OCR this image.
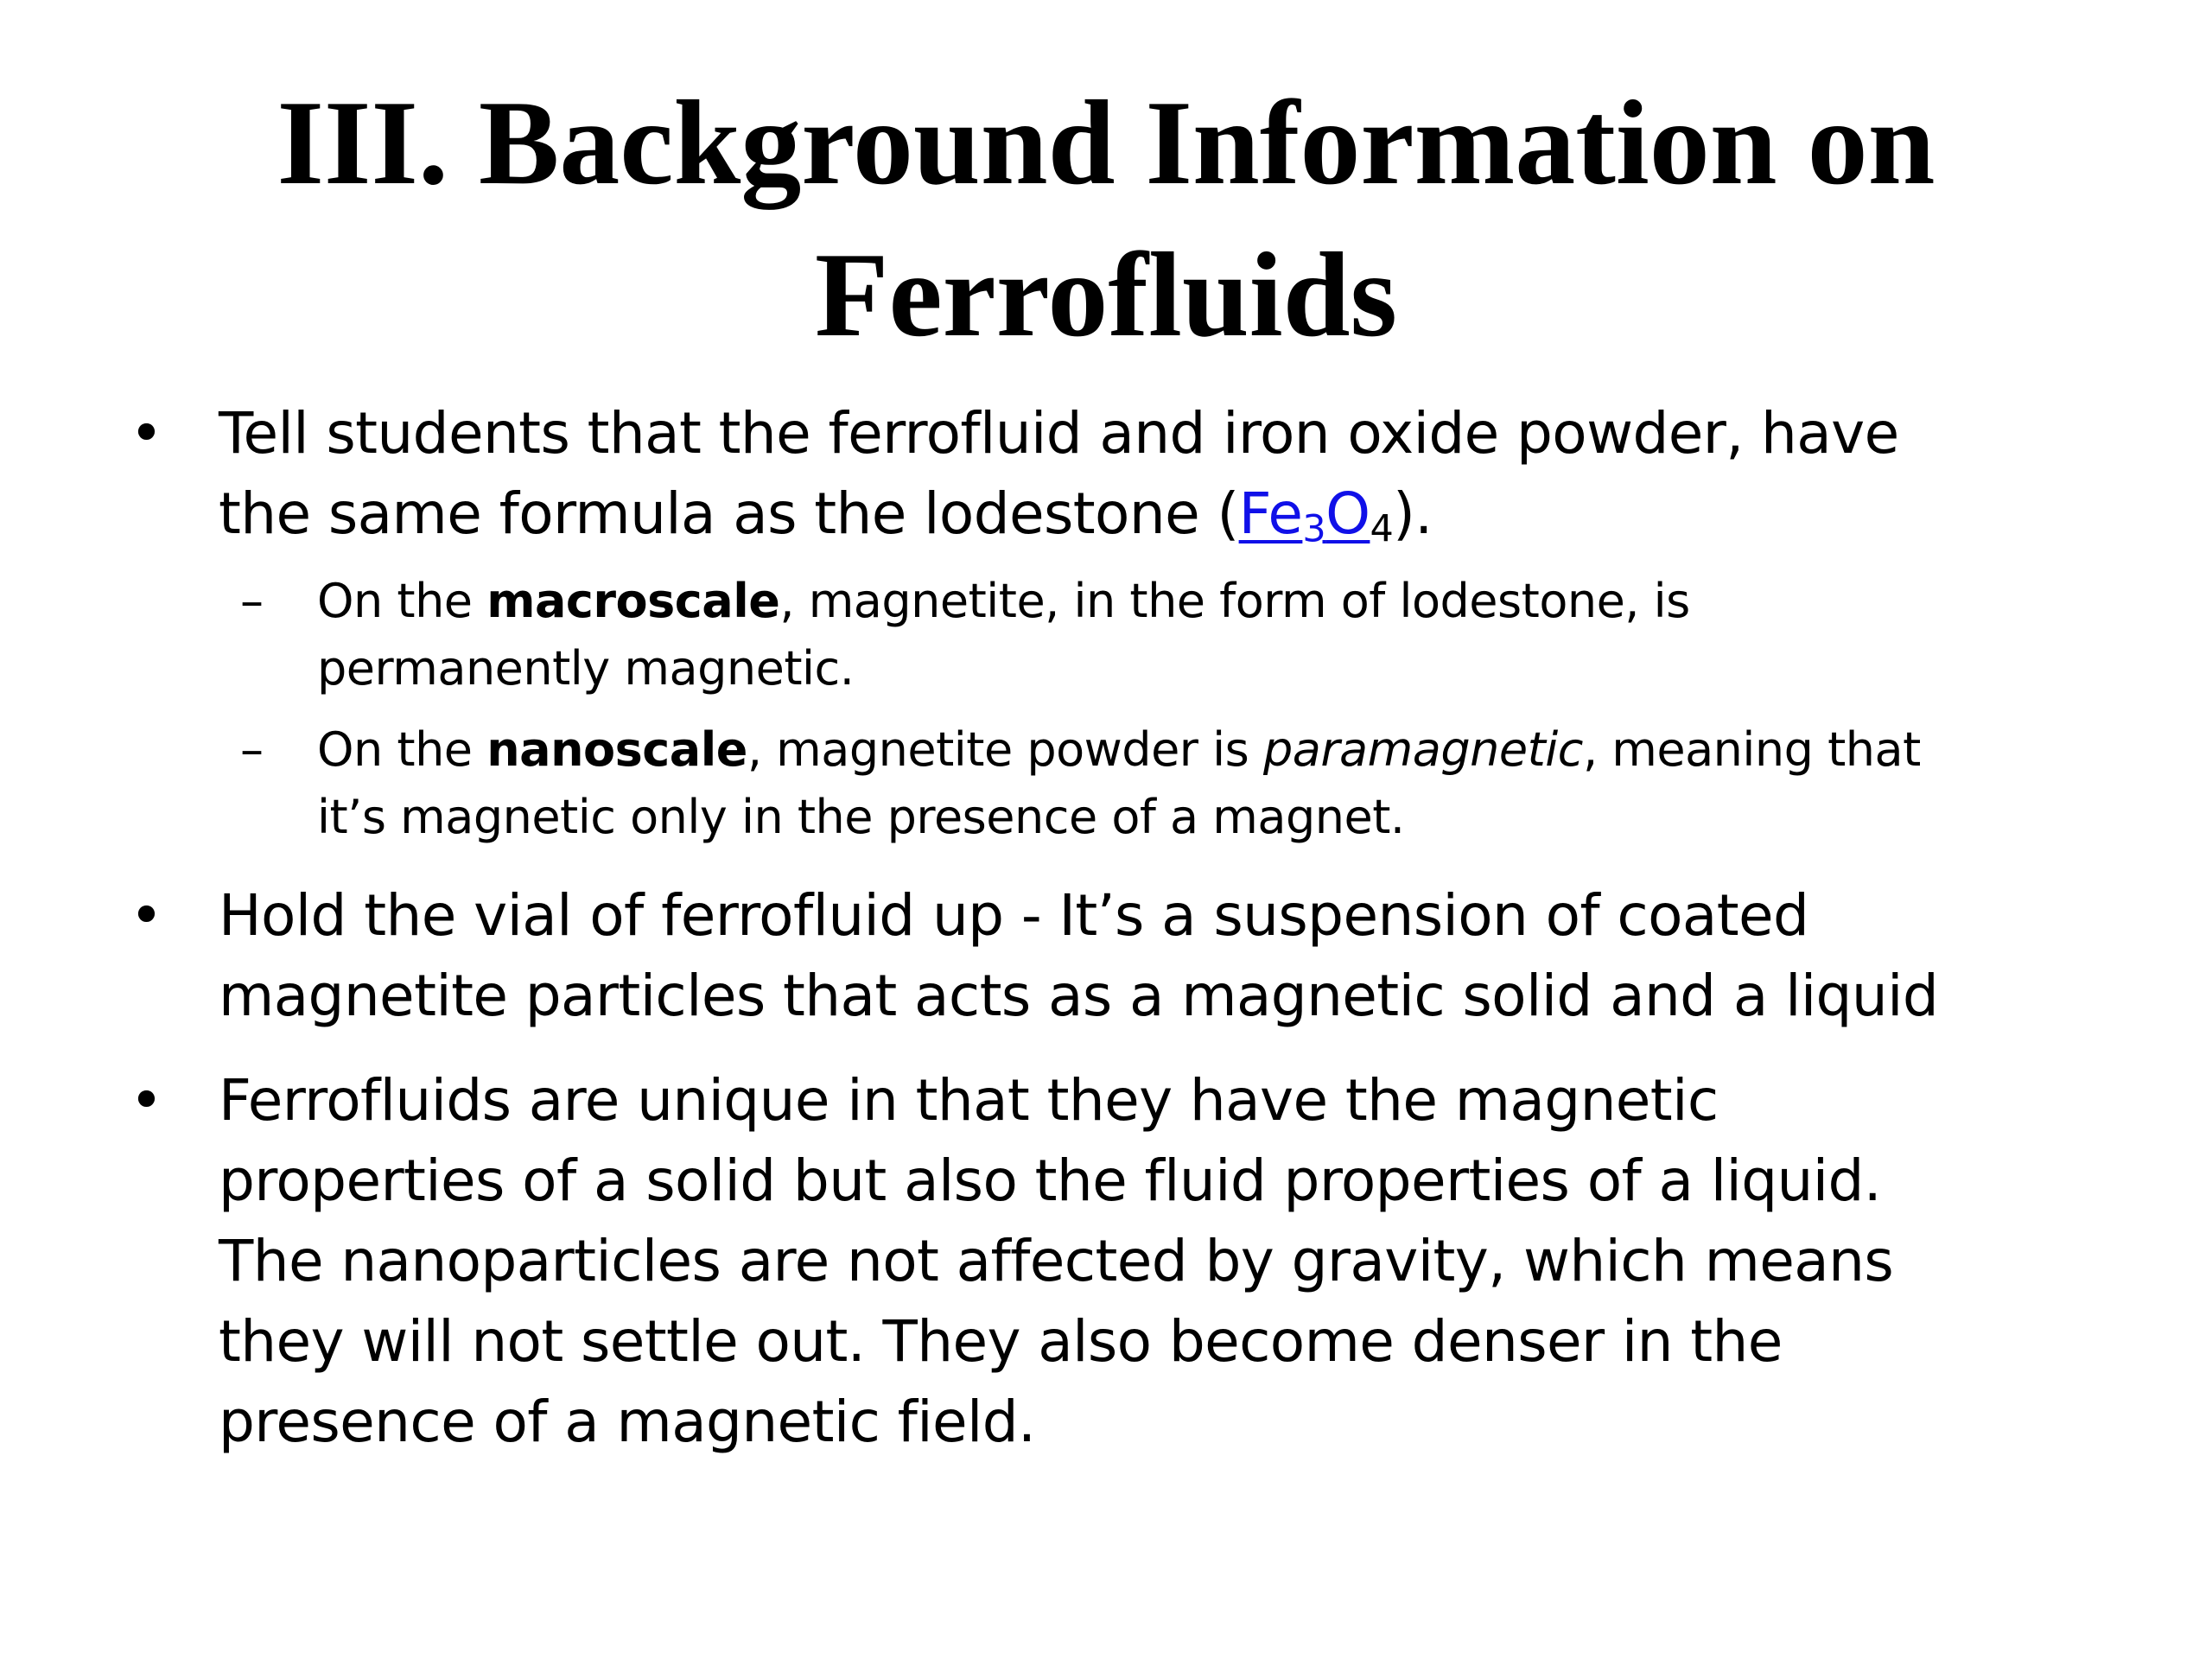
III. Background Information on
Ferrofluids
• Tell students that the ferrofluid and iron oxide powder, have
the same formula as the lodestone $(Fe_3O_4)$.
–	On the macroscale, magnetite, in the form of lodestone, is
permanently magnetic.
–	On the nanoscale, magnetite powder is paramagnetic, meaning that
it’s magnetic only in the presence of a magnet.
• Hold the vial of ferrofluid up - It’s a suspension of coated
magnetite particles that acts as a magnetic solid and a liquid
• Ferrofluids are unique in that they have the magnetic
properties of a solid but also the fluid properties of a liquid.
The nanoparticles are not affected by gravity, which means
they will not settle out. They also become denser in the
presence of a magnetic field.
